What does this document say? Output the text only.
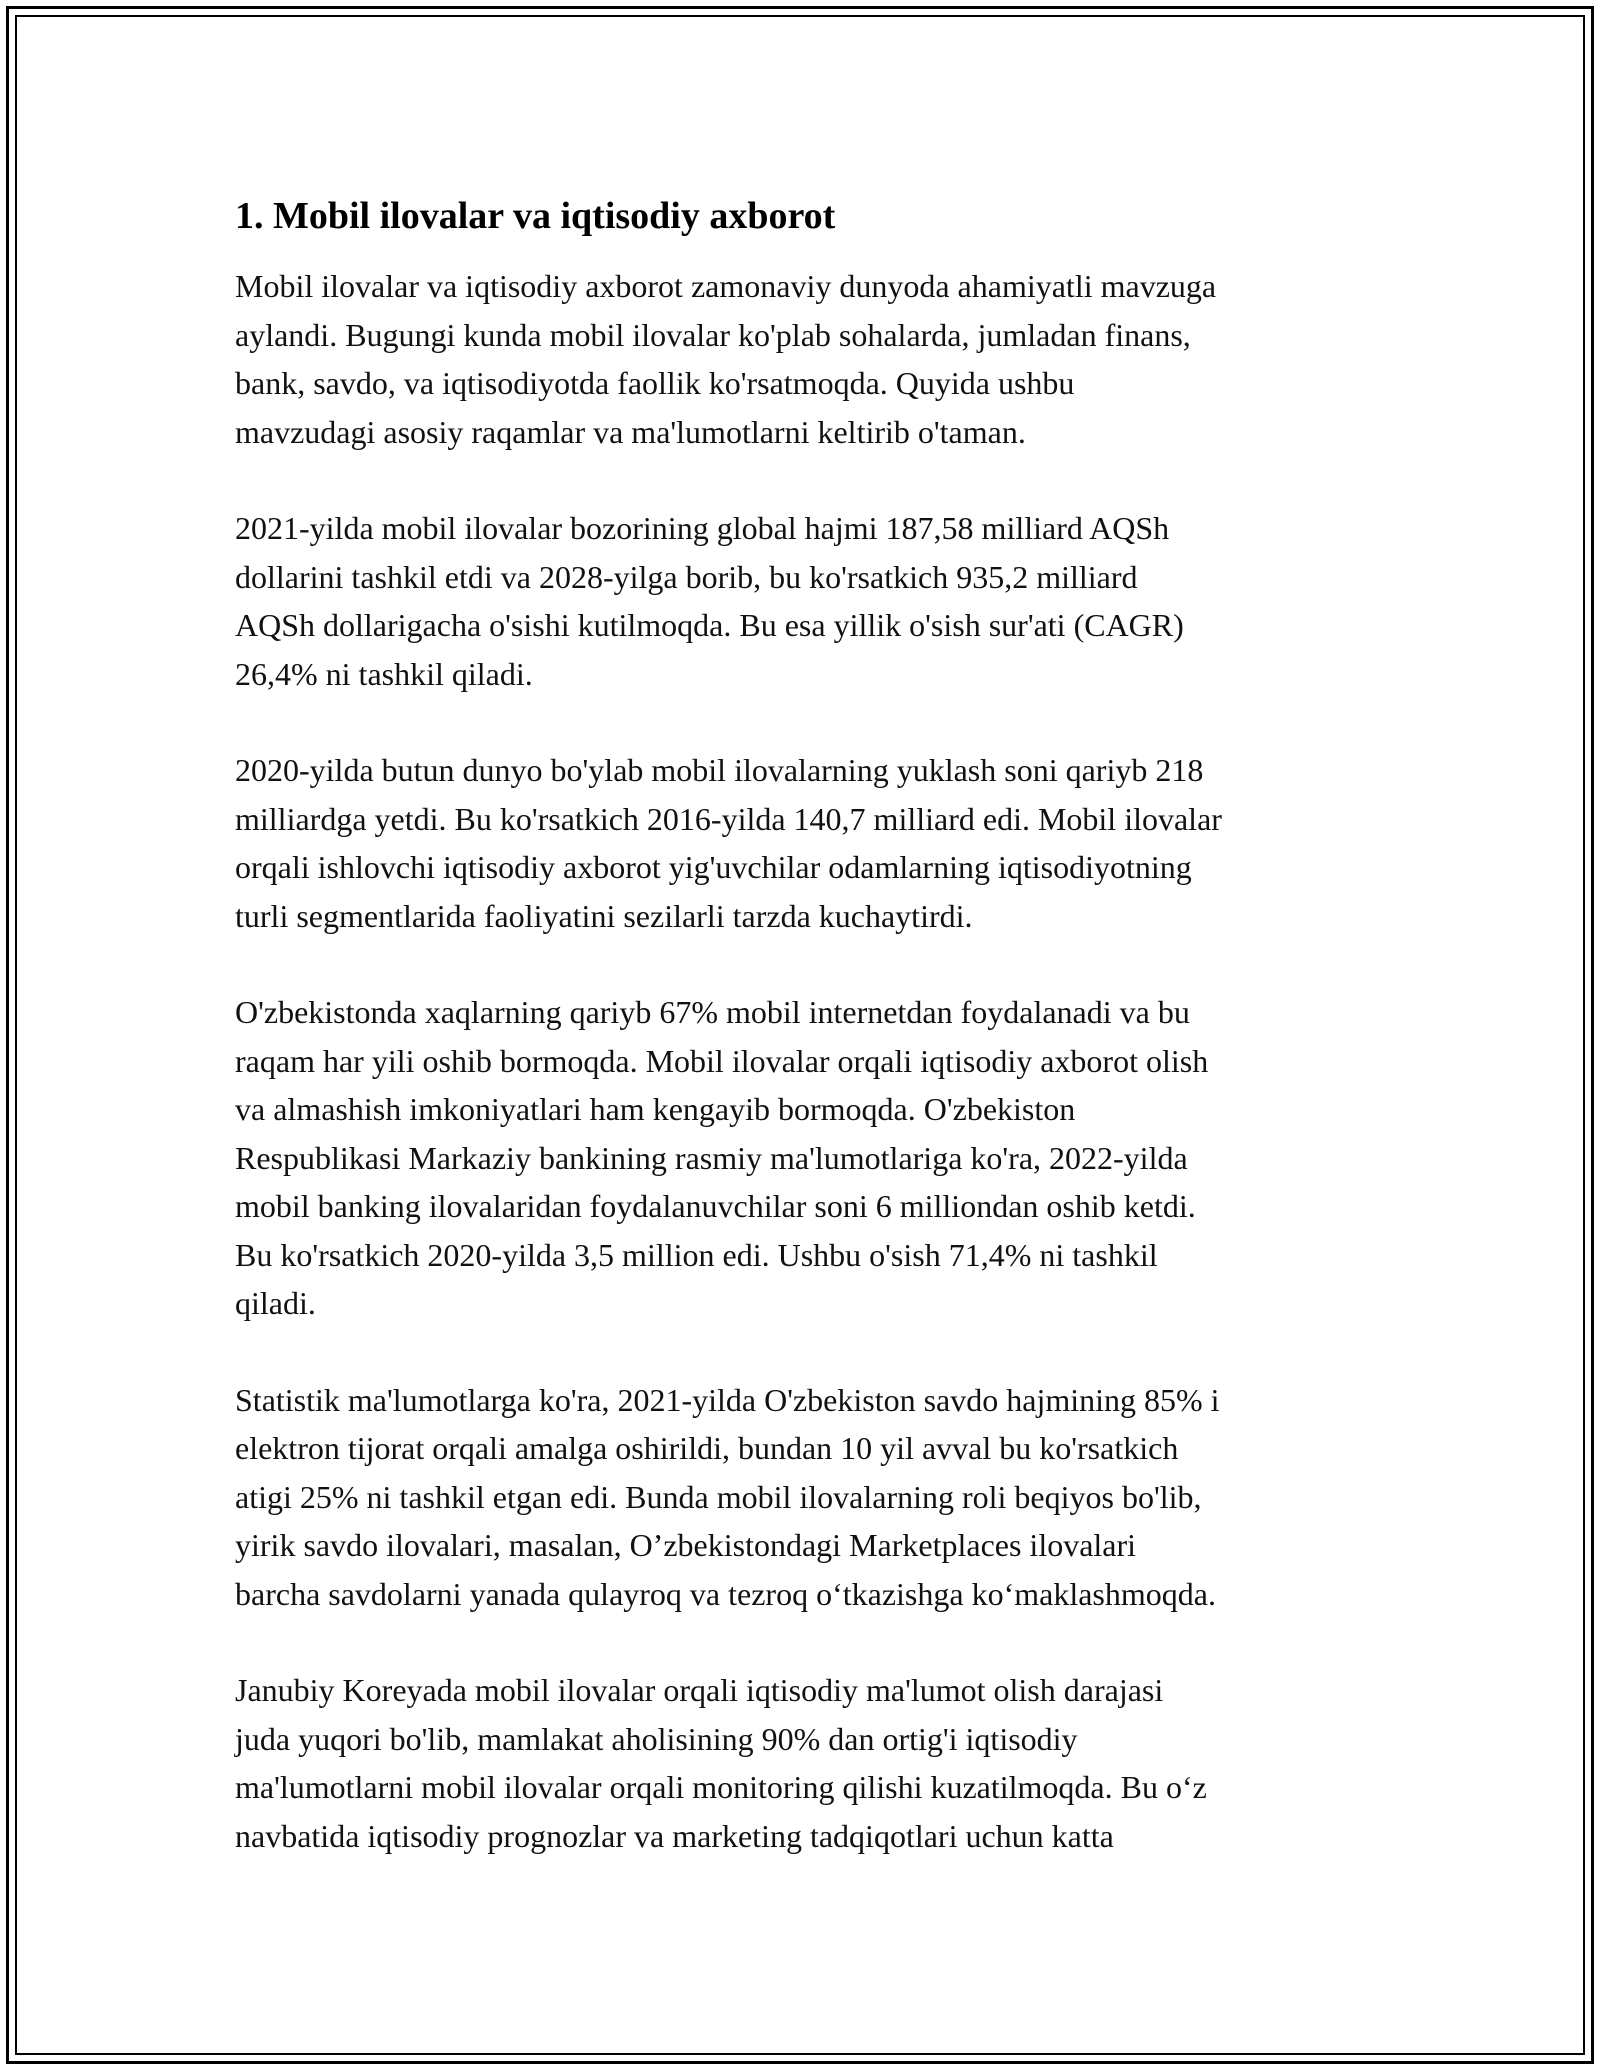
1. Mobil ilovalar va iqtisodiy axborot

Mobil ilovalar va iqtisodiy axborot zamonaviy dunyoda ahamiyatli mavzuga
aylandi. Bugungi kunda mobil ilovalar ko'plab sohalarda, jumladan finans,
bank, savdo, va iqtisodiyotda faollik ko'rsatmoqda. Quyida ushbu
mavzudagi asosiy raqamlar va ma'lumotlarni keltirib o'taman.

2021-yilda mobil ilovalar bozorining global hajmi 187,58 milliard AQSh
dollarini tashkil etdi va 2028-yilga borib, bu ko'rsatkich 935,2 milliard
AQSh dollarigacha o'sishi kutilmoqda. Bu esa yillik o'sish sur'ati (CAGR)
26,4% ni tashkil qiladi.

2020-yilda butun dunyo bo'ylab mobil ilovalarning yuklash soni qariyb 218
milliardga yetdi. Bu ko'rsatkich 2016-yilda 140,7 milliard edi. Mobil ilovalar
orqali ishlovchi iqtisodiy axborot yig'uvchilar odamlarning iqtisodiyotning
turli segmentlarida faoliyatini sezilarli tarzda kuchaytirdi.

O'zbekistonda xaqlarning qariyb 67% mobil internetdan foydalanadi va bu
raqam har yili oshib bormoqda. Mobil ilovalar orqali iqtisodiy axborot olish
va almashish imkoniyatlari ham kengayib bormoqda. O'zbekiston
Respublikasi Markaziy bankining rasmiy ma'lumotlariga ko'ra, 2022-yilda
mobil banking ilovalaridan foydalanuvchilar soni 6 milliondan oshib ketdi.
Bu ko'rsatkich 2020-yilda 3,5 million edi. Ushbu o'sish 71,4% ni tashkil
qiladi.

Statistik ma'lumotlarga ko'ra, 2021-yilda O'zbekiston savdo hajmining 85% i
elektron tijorat orqali amalga oshirildi, bundan 10 yil avval bu ko'rsatkich
atigi 25% ni tashkil etgan edi. Bunda mobil ilovalarning roli beqiyos bo'lib,
yirik savdo ilovalari, masalan, O’zbekistondagi Marketplaces ilovalari
barcha savdolarni yanada qulayroq va tezroq o‘tkazishga ko‘maklashmoqda.

Janubiy Koreyada mobil ilovalar orqali iqtisodiy ma'lumot olish darajasi
juda yuqori bo'lib, mamlakat aholisining 90% dan ortig'i iqtisodiy
ma'lumotlarni mobil ilovalar orqali monitoring qilishi kuzatilmoqda. Bu o‘z
navbatida iqtisodiy prognozlar va marketing tadqiqotlari uchun katta
